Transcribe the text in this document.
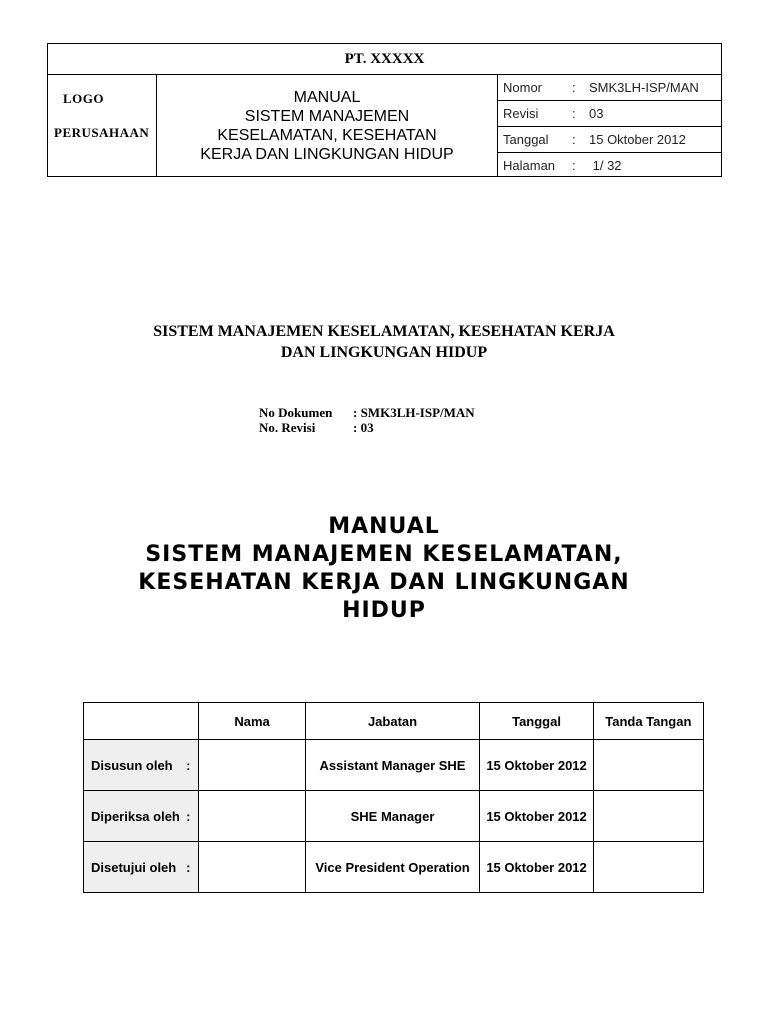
PT. XXXXX
LOGO
PERUSAHAAN
MANUAL
SISTEM MANAJEMEN
KESELAMATAN, KESEHATAN
KERJA DAN LINGKUNGAN HIDUP
Nomor	:	SMK3LH-ISP/MAN
Revisi	:	03
Tanggal	:	15 Oktober 2012
Halaman	:	1/ 32
SISTEM MANAJEMEN KESELAMATAN, KESEHATAN KERJA
DAN LINGKUNGAN HIDUP
No Dokumen : SMK3LH-ISP/MAN
No. Revisi	: 03
MANUAL
SISTEM MANAJEMEN KESELAMATAN,
KESEHATAN KERJA DAN LINGKUNGAN
HIDUP
	Nama	Jabatan	Tanggal	Tanda Tangan
Disusun oleh :		Assistant Manager SHE	15 Oktober 2012	
Diperiksa oleh :		SHE Manager	15 Oktober 2012	
Disetujui oleh :		Vice President Operation	15 Oktober 2012	
